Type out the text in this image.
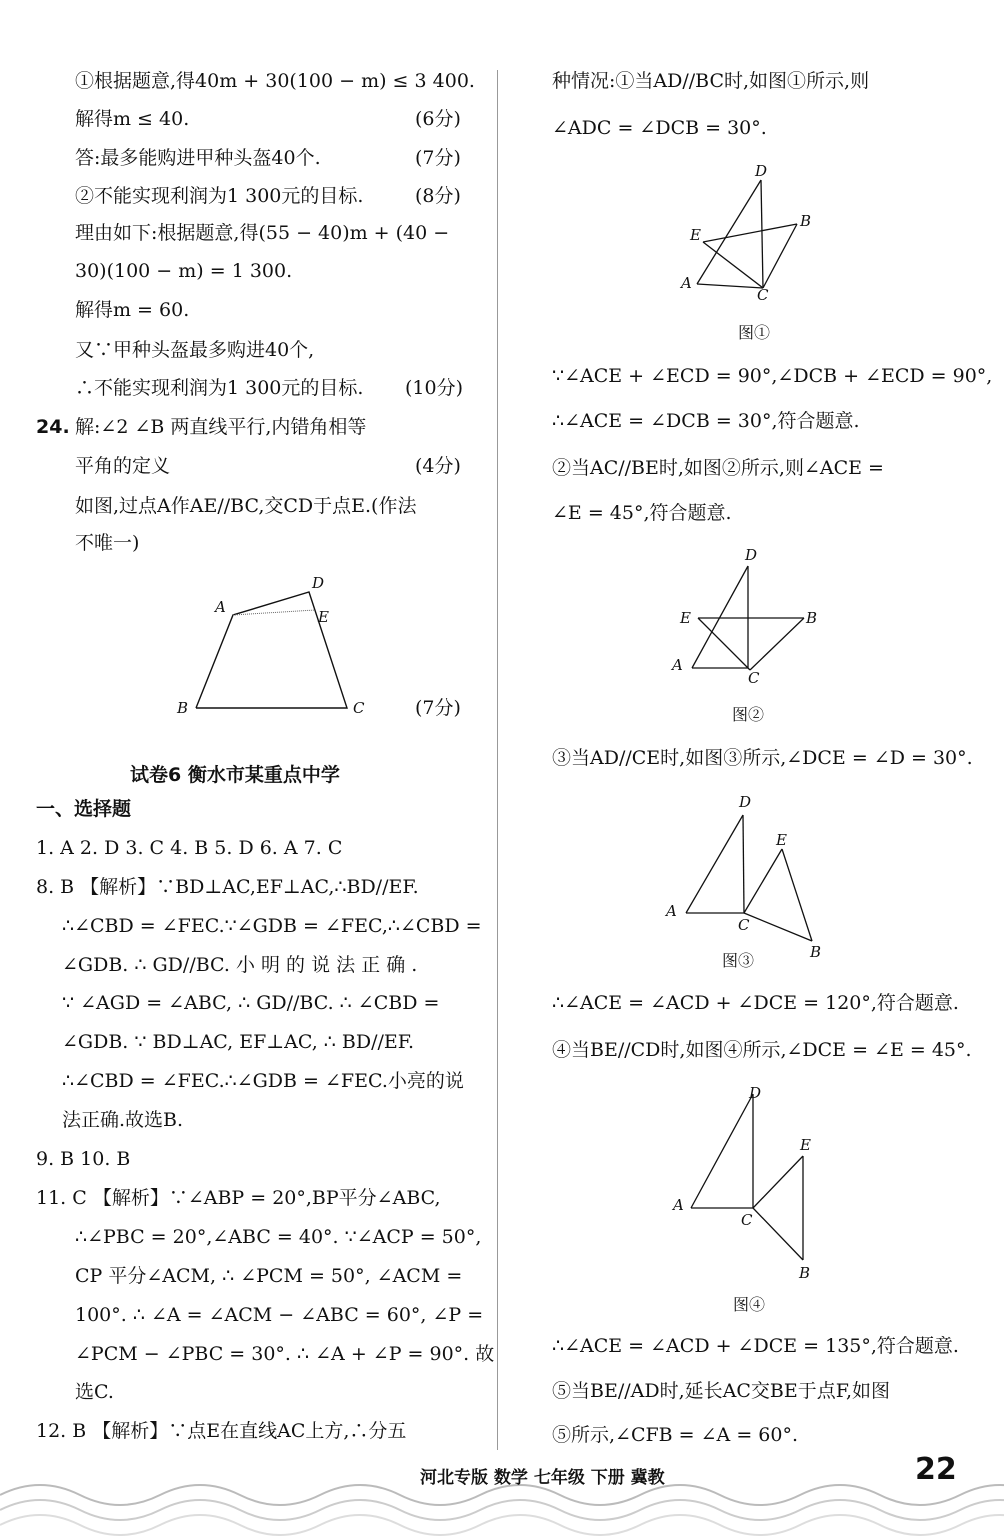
①根据题意,得40m + 30(100 − m) ≤ 3 400.
解得m ≤ 40.	(6分)
答:最多能购进甲种头盔40个.	(7分)
②不能实现利润为1 300元的目标.	(8分)
理由如下:根据题意,得(55 − 40)m + (40 −
30)(100 − m) = 1 300.
解得m = 60.
又∵甲种头盔最多购进40个,
∴不能实现利润为1 300元的目标. (10分)
24. 解:∠2 ∠B 两直线平行,内错角相等
平角的定义	(4分)
如图,过点A作AE//BC,交CD于点E.(作法
不唯一)
A
D
E
B	C	(7分)
试卷6 衡水市某重点中学
一、选择题
1. A 2. D 3. C 4. B 5. D 6. A 7. C
8. B 【解析】∵BD⊥AC,EF⊥AC,∴BD//EF.
∴∠CBD = ∠FEC.∵∠GDB = ∠FEC,∴∠CBD =
∠GDB. ∴ GD//BC. 小 明 的 说 法 正 确 .
∵ ∠AGD = ∠ABC, ∴ GD//BC. ∴ ∠CBD =
∠GDB. ∵ BD⊥AC, EF⊥AC, ∴ BD//EF.
∴∠CBD = ∠FEC.∴∠GDB = ∠FEC.小亮的说
法正确.故选B.
9. B 10. B
11. C 【解析】∵∠ABP = 20°,BP平分∠ABC,
∴∠PBC = 20°,∠ABC = 40°. ∵∠ACP = 50°,
CP 平分∠ACM, ∴ ∠PCM = 50°, ∠ACM =
100°. ∴ ∠A = ∠ACM − ∠ABC = 60°, ∠P =
∠PCM − ∠PBC = 30°. ∴ ∠A + ∠P = 90°. 故
选C.
12. B 【解析】∵点E在直线AC上方,∴分五
种情况:①当AD//BC时,如图①所示,则
∠ADC = ∠DCB = 30°.
D
B
E
A
C
图①
∵∠ACE + ∠ECD = 90°,∠DCB + ∠ECD = 90°,
∴∠ACE = ∠DCB = 30°,符合题意.
②当AC//BE时,如图②所示,则∠ACE =
∠E = 45°,符合题意.
D
E	B
A
C
图②
③当AD//CE时,如图③所示,∠DCE = ∠D = 30°.
D
E
A
C
B
图③
∴∠ACE = ∠ACD + ∠DCE = 120°,符合题意.
④当BE//CD时,如图④所示,∠DCE = ∠E = 45°.
D
E
A
C
B
图④
∴∠ACE = ∠ACD + ∠DCE = 135°,符合题意.
⑤当BE//AD时,延长AC交BE于点F,如图
⑤所示,∠CFB = ∠A = 60°.
河北专版 数学 七年级 下册 冀教	22
